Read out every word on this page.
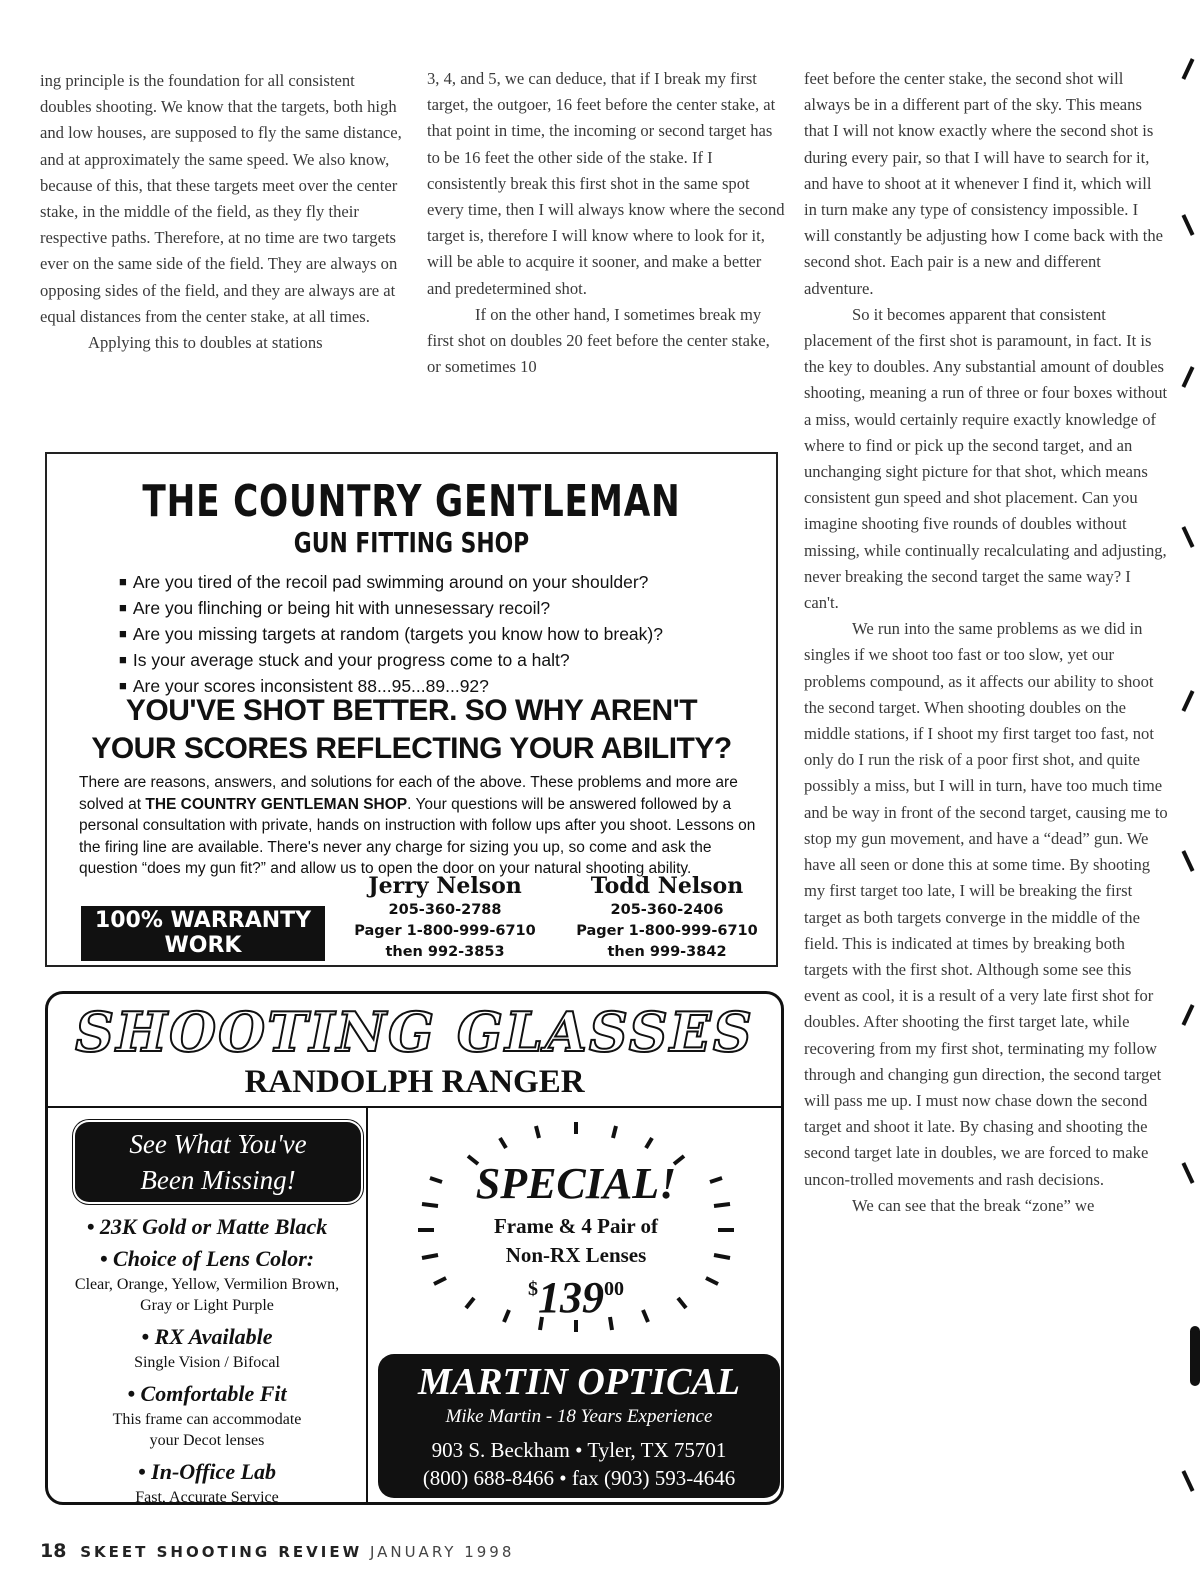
ing principle is the foundation for all consistent doubles shooting. We know that the targets, both high and low houses, are supposed to fly the same distance, and at approximately the same speed. We also know, because of this, that these targets meet over the center stake, in the middle of the field, as they fly their respective paths. Therefore, at no time are two targets ever on the same side of the field. They are always on opposing sides of the field, and they are always are at equal distances from the center stake, at all times.

Applying this to doubles at stations

3, 4, and 5, we can deduce, that if I break my first target, the outgoer, 16 feet before the center stake, at that point in time, the incoming or second target has to be 16 feet the other side of the stake. If I consistently break this first shot in the same spot every time, then I will always know where the second target is, therefore I will know where to look for it, will be able to acquire it sooner, and make a better and predetermined shot.

If on the other hand, I sometimes break my first shot on doubles 20 feet before the center stake, or sometimes 10

feet before the center stake, the second shot will always be in a different part of the sky. This means that I will not know exactly where the second shot is during every pair, so that I will have to search for it, and have to shoot at it whenever I find it, which will in turn make any type of consistency impossible. I will constantly be adjusting how I come back with the second shot. Each pair is a new and different adventure.

So it becomes apparent that consistent placement of the first shot is paramount, in fact. It is the key to doubles. Any substantial amount of doubles shooting, meaning a run of three or four boxes without a miss, would certainly require exactly knowledge of where to find or pick up the second target, and an unchanging sight picture for that shot, which means consistent gun speed and shot placement. Can you imagine shooting five rounds of doubles without missing, while continually recalculating and adjusting, never breaking the second target the same way? I can't.

We run into the same problems as we did in singles if we shoot too fast or too slow, yet our problems compound, as it affects our ability to shoot the second target. When shooting doubles on the middle stations, if I shoot my first target too fast, not only do I run the risk of a poor first shot, and quite possibly a miss, but I will in turn, have too much time and be way in front of the second target, causing me to stop my gun movement, and have a “dead” gun. We have all seen or done this at some time. By shooting my first target too late, I will be breaking the first target as both targets converge in the middle of the field. This is indicated at times by breaking both targets with the first shot. Although some see this event as cool, it is a result of a very late first shot for doubles. After shooting the first target late, while recovering from my first shot, terminating my follow through and changing gun direction, the second target will pass me up. I must now chase down the second target and shoot it late. By chasing and shooting the second target late in doubles, we are forced to make uncon-trolled movements and rash decisions.

We can see that the break “zone” we

THE COUNTRY GENTLEMAN
GUN FITTING SHOP
■ Are you tired of the recoil pad swimming around on your shoulder?
■ Are you flinching or being hit with unnesessary recoil?
■ Are you missing targets at random (targets you know how to break)?
■ Is your average stuck and your progress come to a halt?
■ Are your scores inconsistent 88...95...89...92?
YOU'VE SHOT BETTER. SO WHY AREN'T
YOUR SCORES REFLECTING YOUR ABILITY?
There are reasons, answers, and solutions for each of the above. These problems and more are solved at THE COUNTRY GENTLEMAN SHOP. Your questions will be answered followed by a personal consultation with private, hands on instruction with follow ups after you shoot. Lessons on the firing line are available. There's never any charge for sizing you up, so come and ask the question “does my gun fit?” and allow us to open the door on your natural shooting ability.
100% WARRANTY
WORK
Jerry Nelson
205-360-2788
Pager 1-800-999-6710
then 992-3853
Todd Nelson
205-360-2406
Pager 1-800-999-6710
then 999-3842
SHOOTING GLASSES
RANDOLPH RANGER
See What You've
Been Missing!
• 23K Gold or Matte Black
• Choice of Lens Color:
Clear, Orange, Yellow, Vermilion Brown, Gray or Light Purple
• RX Available
Single Vision / Bifocal
• Comfortable Fit
This frame can accommodate your Decot lenses
• In-Office Lab
Fast, Accurate Service
SPECIAL!
Frame & 4 Pair of
Non-RX Lenses
$^{\$}139^{00}$
MARTIN OPTICAL
Mike Martin - 18 Years Experience
903 S. Beckham • Tyler, TX 75701
(800) 688-8466 • fax (903) 593-4646
18 SKEET SHOOTING REVIEW JANUARY 1998
